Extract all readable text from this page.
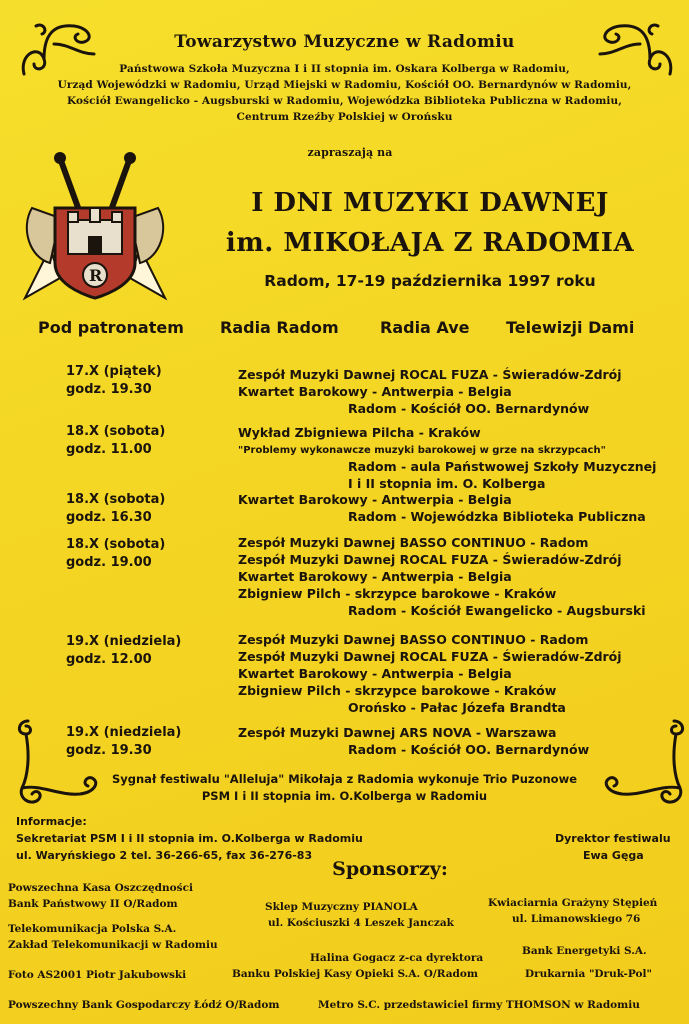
Towarzystwo Muzyczne w Radomiu
Państwowa Szkoła Muzyczna I i II stopnia im. Oskara Kolberga w Radomiu,
Urząd Wojewódzki w Radomiu, Urząd Miejski w Radomiu, Kościół OO. Bernardynów w Radomiu,
Kościół Ewangelicko - Augsburski w Radomiu, Wojewódzka Biblioteka Publiczna w Radomiu,
Centrum Rzeźby Polskiej w Orońsku
zapraszają na
R
I DNI MUZYKI DAWNEJ
im. MIKOŁAJA Z RADOMIA
Radom, 17-19 października 1997 roku
Pod patronatem Radia Radom	Radia Ave Telewizji Dami
17.X (piątek)
godz. 19.30
Zespół Muzyki Dawnej ROCAL FUZA - Świeradów-Zdrój
Kwartet Barokowy - Antwerpia - Belgia
Radom - Kościół OO. Bernardynów
18.X (sobota)
godz. 11.00
Wykład Zbigniewa Pilcha - Kraków
"Problemy wykonawcze muzyki barokowej w grze na skrzypcach"
Radom - aula Państwowej Szkoły Muzycznej
I i II stopnia im. O. Kolberga
18.X (sobota)
godz. 16.30
Kwartet Barokowy - Antwerpia - Belgia
Radom - Wojewódzka Biblioteka Publiczna
18.X (sobota)
godz. 19.00
Zespół Muzyki Dawnej BASSO CONTINUO - Radom
Zespół Muzyki Dawnej ROCAL FUZA - Świeradów-Zdrój
Kwartet Barokowy - Antwerpia - Belgia
Zbigniew Pilch - skrzypce barokowe - Kraków
Radom - Kościół Ewangelicko - Augsburski
19.X (niedziela)
godz. 12.00
Zespół Muzyki Dawnej BASSO CONTINUO - Radom
Zespół Muzyki Dawnej ROCAL FUZA - Świeradów-Zdrój
Kwartet Barokowy - Antwerpia - Belgia
Zbigniew Pilch - skrzypce barokowe - Kraków
Orońsko - Pałac Józefa Brandta
19.X (niedziela)
godz. 19.30
Zespół Muzyki Dawnej ARS NOVA - Warszawa
Radom - Kościół OO. Bernardynów
Sygnał festiwalu "Alleluja" Mikołaja z Radomia wykonuje Trio Puzonowe
PSM I i II stopnia im. O.Kolberga w Radomiu
Informacje:
Sekretariat PSM I i II stopnia im. O.Kolberga w Radomiu
ul. Waryńskiego 2 tel. 36-266-65, fax 36-276-83
Dyrektor festiwalu
Ewa Gęga
Sponsorzy:
Powszechna Kasa Oszczędności
Bank Państwowy II O/Radom
Telekomunikacja Polska S.A.
Zakład Telekomunikacji w Radomiu
Foto AS2001 Piotr Jakubowski
Powszechny Bank Gospodarczy Łódź O/Radom
Sklep Muzyczny PIANOLA
ul. Kościuszki 4 Leszek Janczak
Halina Gogacz z-ca dyrektora
Banku Polskiej Kasy Opieki S.A. O/Radom
Metro S.C. przedstawiciel firmy THOMSON w Radomiu
Kwiaciarnia Grażyny Stępień
ul. Limanowskiego 76
Bank Energetyki S.A.
Drukarnia "Druk-Pol"
